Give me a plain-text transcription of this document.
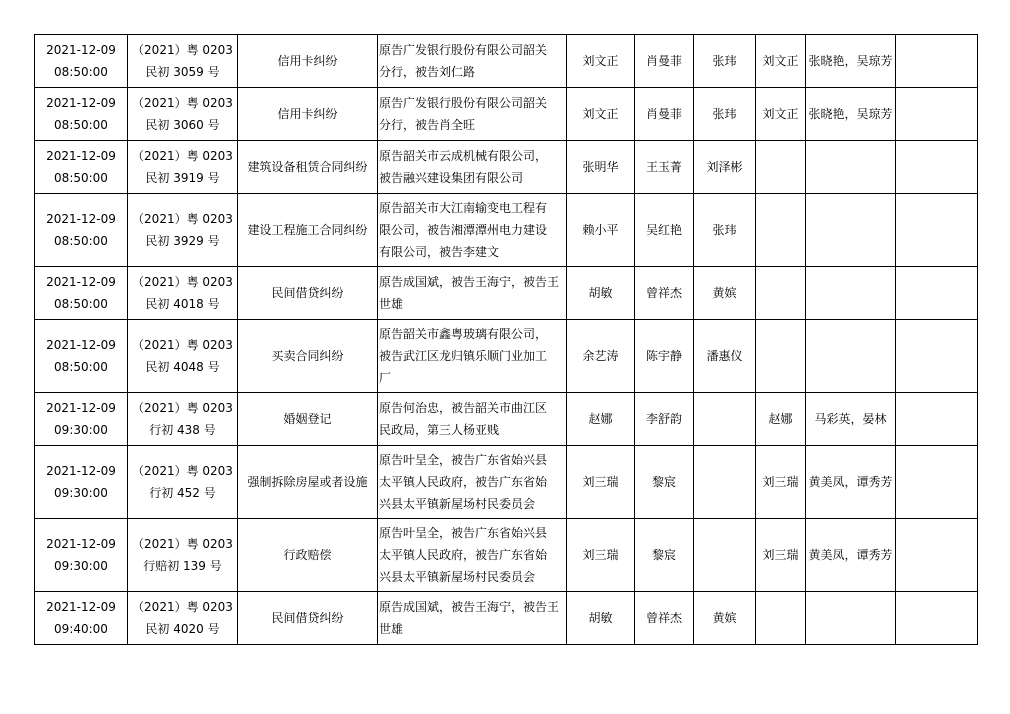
2021-12-09
08:50:00	（2021）粤 0203
民初 3059 号	信用卡纠纷	原告广发银行股份有限公司韶关
分行，被告刘仁路	刘文正	肖曼菲	张玮	刘文正	张晓艳，吴琼芳	

2021-12-09
08:50:00	（2021）粤 0203
民初 3060 号	信用卡纠纷	原告广发银行股份有限公司韶关
分行，被告肖全旺	刘文正	肖曼菲	张玮	刘文正	张晓艳，吴琼芳	

2021-12-09
08:50:00	（2021）粤 0203
民初 3919 号	建筑设备租赁合同纠纷	原告韶关市云成机械有限公司，
被告融兴建设集团有限公司	张明华	王玉菁	刘泽彬			

2021-12-09
08:50:00	（2021）粤 0203
民初 3929 号	建设工程施工合同纠纷	原告韶关市大江南输变电工程有
限公司，被告湘潭潭州电力建设
有限公司，被告李建文	赖小平	吴红艳	张玮			

2021-12-09
08:50:00	（2021）粤 0203
民初 4018 号	民间借贷纠纷	原告成国斌，被告王海宁，被告王
世雄	胡敏	曾祥杰	黄嫔			

2021-12-09
08:50:00	（2021）粤 0203
民初 4048 号	买卖合同纠纷	原告韶关市鑫粤玻璃有限公司，
被告武江区龙归镇乐顺门业加工
厂	余艺涛	陈宇静	潘惠仪			

2021-12-09
09:30:00	（2021）粤 0203
行初 438 号	婚姻登记	原告何治忠，被告韶关市曲江区
民政局，第三人杨亚贱	赵娜	李舒韵		赵娜	马彩英，晏林	

2021-12-09
09:30:00	（2021）粤 0203
行初 452 号	强制拆除房屋或者设施	原告叶呈全，被告广东省始兴县
太平镇人民政府，被告广东省始
兴县太平镇新屋场村民委员会	刘三瑞	黎宸		刘三瑞	黄美凤，谭秀芳	

2021-12-09
09:30:00	（2021）粤 0203
行赔初 139 号	行政赔偿	原告叶呈全，被告广东省始兴县
太平镇人民政府，被告广东省始
兴县太平镇新屋场村民委员会	刘三瑞	黎宸		刘三瑞	黄美凤，谭秀芳	

2021-12-09
09:40:00	（2021）粤 0203
民初 4020 号	民间借贷纠纷	原告成国斌，被告王海宁，被告王
世雄	胡敏	曾祥杰	黄嫔			
